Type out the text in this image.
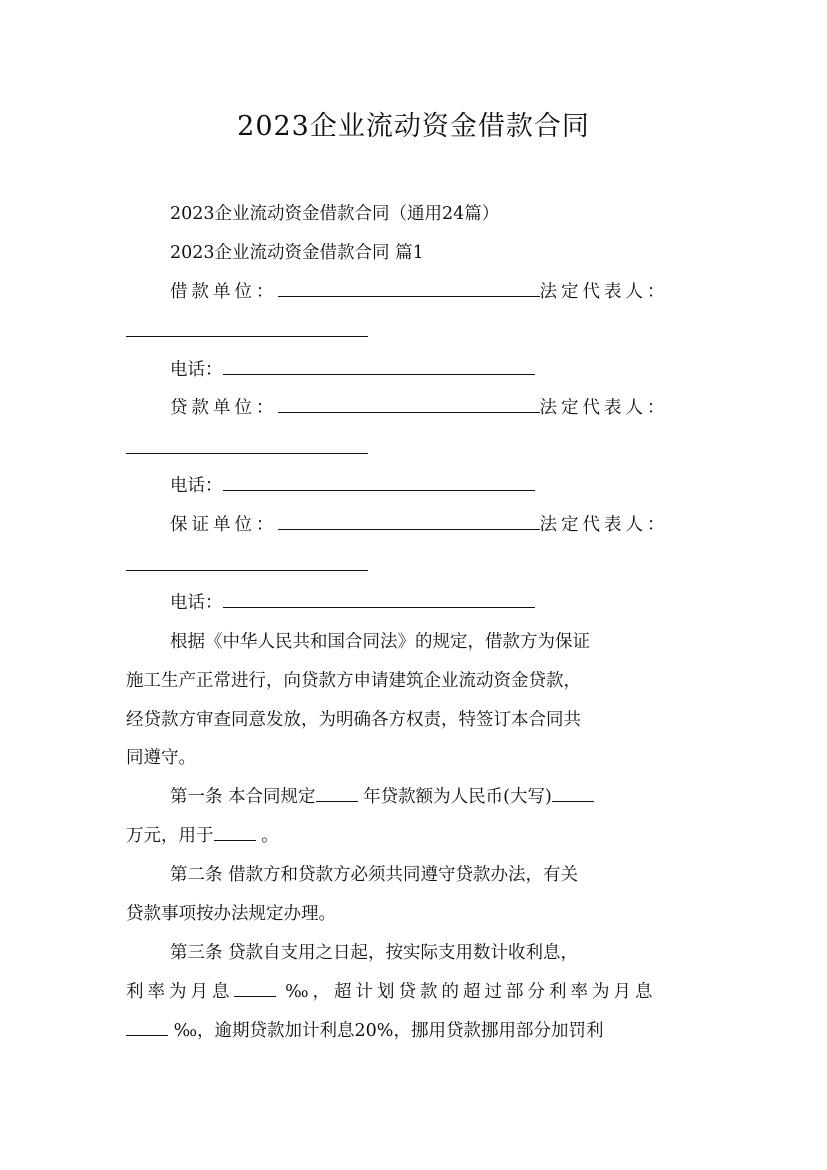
2023企业流动资金借款合同
2023企业流动资金借款合同（通用24篇）
2023企业流动资金借款合同 篇1
借款单位：	法定代表人：
电话：
贷款单位：	法定代表人：
电话：
保证单位：	法定代表人：
电话：
根据《中华人民共和国合同法》的规定，借款方为保证
施工生产正常进行，向贷款方申请建筑企业流动资金贷款，
经贷款方审查同意发放，为明确各方权责，特签订本合同共
同遵守。
第一条 本合同规定 年贷款额为人民币(大写)
万元，用于 。
第二条 借款方和贷款方必须共同遵守贷款办法，有关
贷款事项按办法规定办理。
第三条 贷款自支用之日起，按实际支用数计收利息，
利率为月息 ‰，超计划贷款的超过部分利率为月息
‰，逾期贷款加计利息20%，挪用贷款挪用部分加罚利
